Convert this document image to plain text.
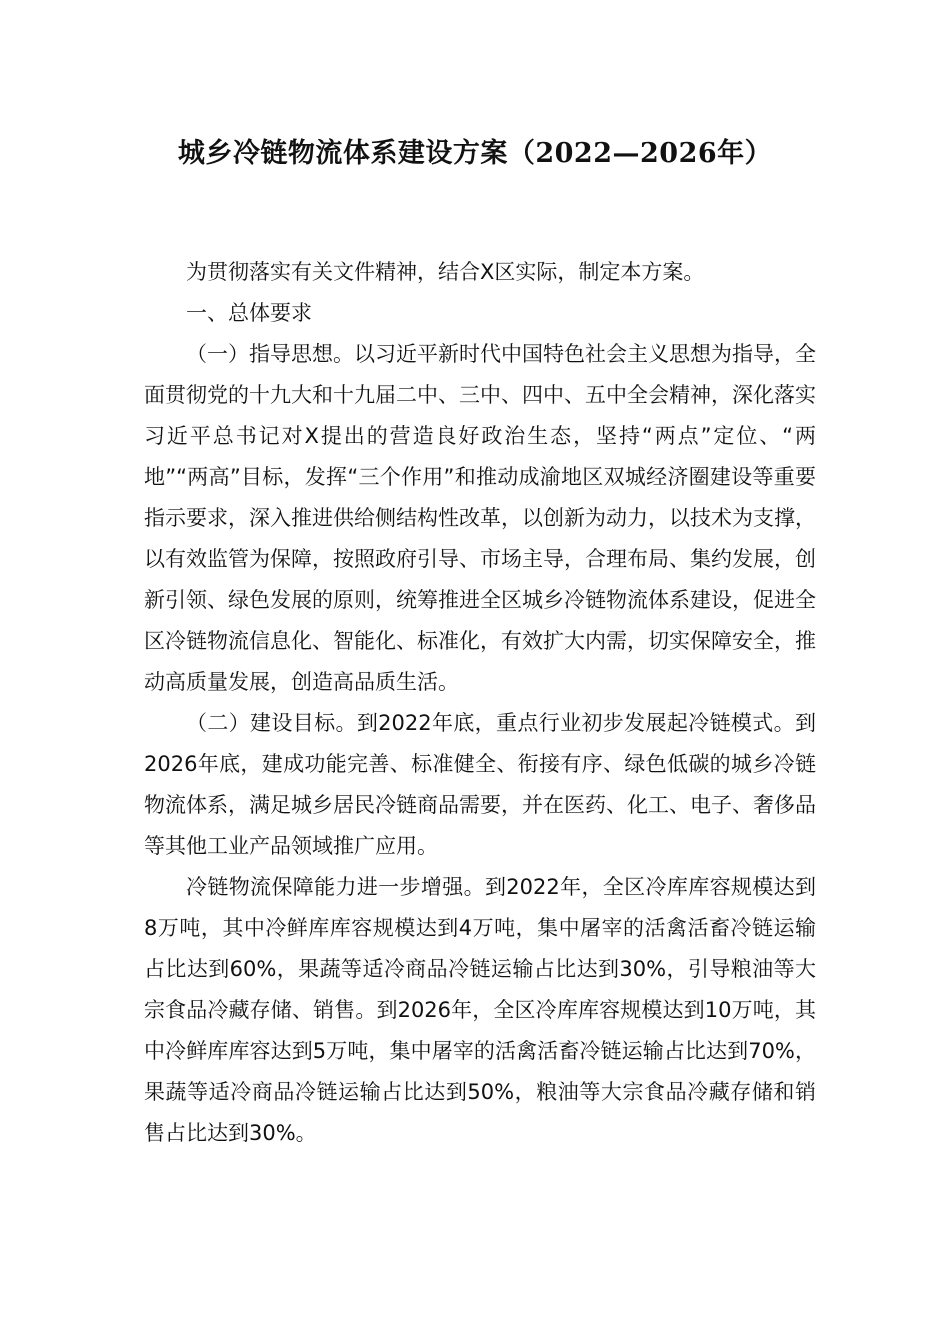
城乡冷链物流体系建设方案（2022—2026年）

为贯彻落实有关文件精神，结合X区实际，制定本方案。

一、总体要求

（一）指导思想。以习近平新时代中国特色社会主义思想为指导，全面贯彻党的十九大和十九届二中、三中、四中、五中全会精神，深化落实习近平总书记对X提出的营造良好政治生态，坚持“两点”定位、“两地”“两高”目标，发挥“三个作用”和推动成渝地区双城经济圈建设等重要指示要求，深入推进供给侧结构性改革，以创新为动力，以技术为支撑，以有效监管为保障，按照政府引导、市场主导，合理布局、集约发展，创新引领、绿色发展的原则，统筹推进全区城乡冷链物流体系建设，促进全区冷链物流信息化、智能化、标准化，有效扩大内需，切实保障安全，推动高质量发展，创造高品质生活。

（二）建设目标。到2022年底，重点行业初步发展起冷链模式。到2026年底，建成功能完善、标准健全、衔接有序、绿色低碳的城乡冷链物流体系，满足城乡居民冷链商品需要，并在医药、化工、电子、奢侈品等其他工业产品领域推广应用。

冷链物流保障能力进一步增强。到2022年，全区冷库库容规模达到8万吨，其中冷鲜库库容规模达到4万吨，集中屠宰的活禽活畜冷链运输占比达到60%，果蔬等适冷商品冷链运输占比达到30%，引导粮油等大宗食品冷藏存储、销售。到2026年，全区冷库库容规模达到10万吨，其中冷鲜库库容达到5万吨，集中屠宰的活禽活畜冷链运输占比达到70%，果蔬等适冷商品冷链运输占比达到50%，粮油等大宗食品冷藏存储和销售占比达到30%。
